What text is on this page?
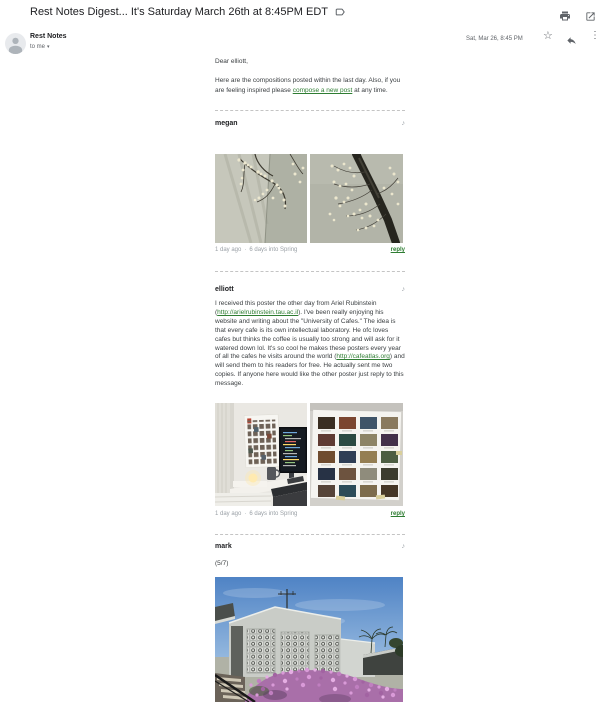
Rest Notes Digest... It's Saturday March 26th at 8:45PM EDT
Rest Notes
to me ▾
Sat, Mar 26, 8:45 PM ☆	⋮
Dear elliott,
Here are the compositions posted within the last day. Also, if you are feeling inspired please compose a new post at any time.
megan	♪
1 day ago · 6 days into Spring	reply
elliott	♪
I received this poster the other day from Ariel Rubinstein (http://arielrubinstein.tau.ac.il). I've been really enjoying his website and writing about the "University of Cafes." The idea is that every cafe is its own intellectual laboratory. He ofc loves cafes but thinks the coffee is usually too strong and will ask for it watered down lol. It's so cool he makes these posters every year of all the cafes he visits around the world (http://cafeatlas.org) and will send them to his readers for free. He actually sent me two copies. If anyone here would like the other poster just reply to this message.
1 day ago · 6 days into Spring	reply
mark	♪
(5/7)
